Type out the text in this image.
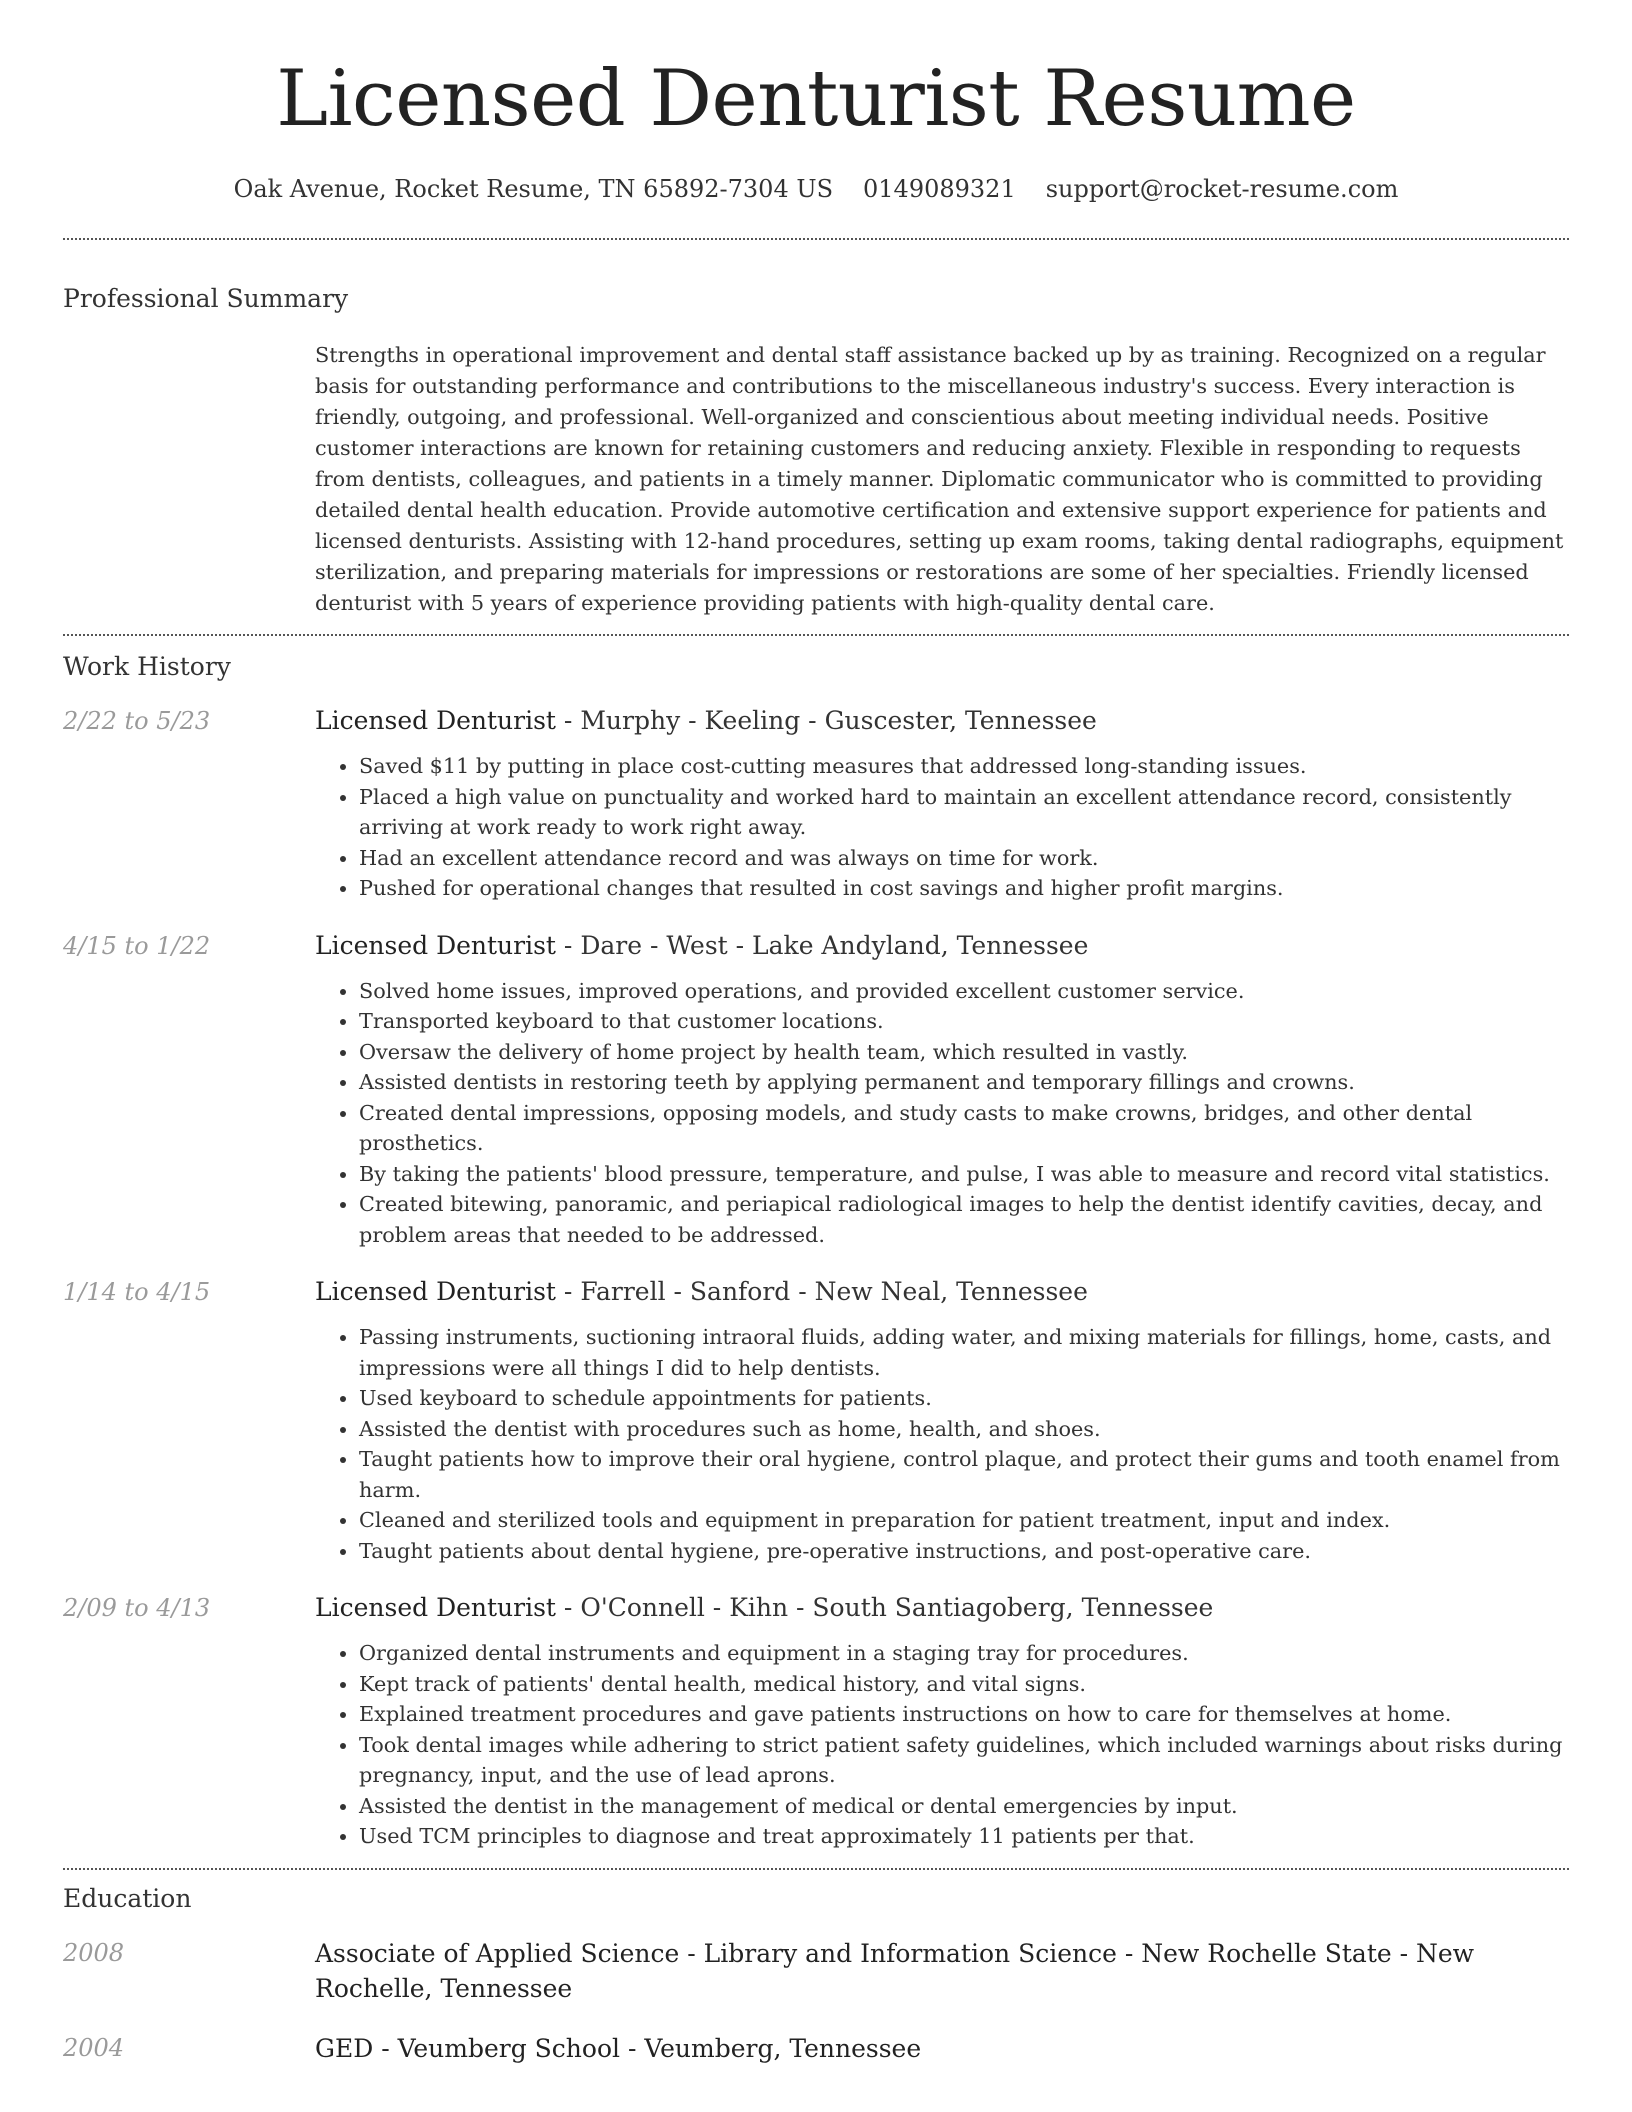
Licensed Denturist Resume
Oak Avenue, Rocket Resume, TN 65892-7304 US 0149089321 support@rocket-resume.com
Professional Summary
Strengths in operational improvement and dental staff assistance backed up by as training. Recognized on a regular basis for outstanding performance and contributions to the miscellaneous industry's success. Every interaction is friendly, outgoing, and professional. Well-organized and conscientious about meeting individual needs. Positive customer interactions are known for retaining customers and reducing anxiety. Flexible in responding to requests from dentists, colleagues, and patients in a timely manner. Diplomatic communicator who is committed to providing detailed dental health education. Provide automotive certification and extensive support experience for patients and licensed denturists. Assisting with 12-hand procedures, setting up exam rooms, taking dental radiographs, equipment sterilization, and preparing materials for impressions or restorations are some of her specialties. Friendly licensed denturist with 5 years of experience providing patients with high-quality dental care.
Work History
2/22 to 5/23	Licensed Denturist - Murphy - Keeling - Guscester, Tennessee
• Saved $11 by putting in place cost-cutting measures that addressed long-standing issues.
• Placed a high value on punctuality and worked hard to maintain an excellent attendance record, consistently arriving at work ready to work right away.
• Had an excellent attendance record and was always on time for work.
• Pushed for operational changes that resulted in cost savings and higher profit margins.
4/15 to 1/22	Licensed Denturist - Dare - West - Lake Andyland, Tennessee
• Solved home issues, improved operations, and provided excellent customer service.
• Transported keyboard to that customer locations.
• Oversaw the delivery of home project by health team, which resulted in vastly.
• Assisted dentists in restoring teeth by applying permanent and temporary fillings and crowns.
• Created dental impressions, opposing models, and study casts to make crowns, bridges, and other dental prosthetics.
• By taking the patients' blood pressure, temperature, and pulse, I was able to measure and record vital statistics.
• Created bitewing, panoramic, and periapical radiological images to help the dentist identify cavities, decay, and problem areas that needed to be addressed.
1/14 to 4/15	Licensed Denturist - Farrell - Sanford - New Neal, Tennessee
• Passing instruments, suctioning intraoral fluids, adding water, and mixing materials for fillings, home, casts, and impressions were all things I did to help dentists.
• Used keyboard to schedule appointments for patients.
• Assisted the dentist with procedures such as home, health, and shoes.
• Taught patients how to improve their oral hygiene, control plaque, and protect their gums and tooth enamel from harm.
• Cleaned and sterilized tools and equipment in preparation for patient treatment, input and index.
• Taught patients about dental hygiene, pre-operative instructions, and post-operative care.
2/09 to 4/13	Licensed Denturist - O'Connell - Kihn - South Santiagoberg, Tennessee
• Organized dental instruments and equipment in a staging tray for procedures.
• Kept track of patients' dental health, medical history, and vital signs.
• Explained treatment procedures and gave patients instructions on how to care for themselves at home.
• Took dental images while adhering to strict patient safety guidelines, which included warnings about risks during pregnancy, input, and the use of lead aprons.
• Assisted the dentist in the management of medical or dental emergencies by input.
• Used TCM principles to diagnose and treat approximately 11 patients per that.
Education
2008	Associate of Applied Science - Library and Information Science - New Rochelle State - New Rochelle, Tennessee
2004	GED - Veumberg School - Veumberg, Tennessee
